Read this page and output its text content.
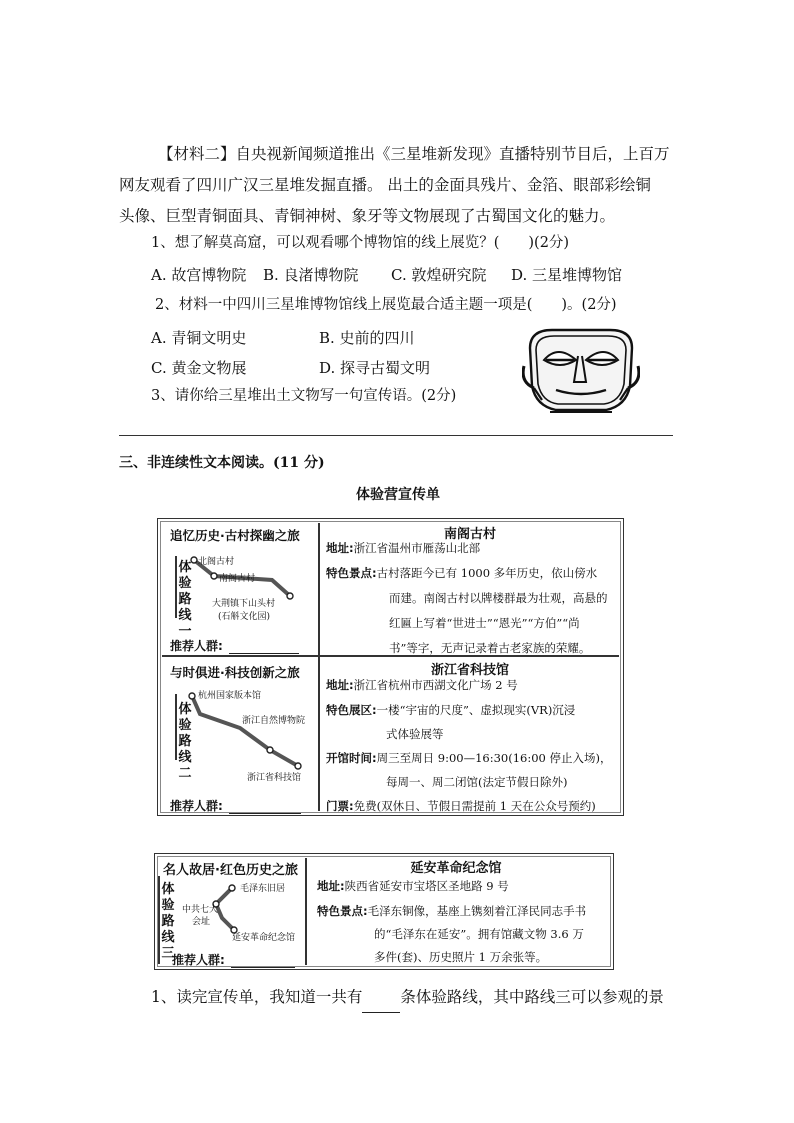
【材料二】自央视新闻频道推出《三星堆新发现》直播特别节目后，上百万
网友观看了四川广汉三星堆发掘直播。 出土的金面具残片、金箔、眼部彩绘铜
头像、巨型青铜面具、青铜神树、象牙等文物展现了古蜀国文化的魅力。
1、想了解莫高窟，可以观看哪个博物馆的线上展览？(　　)(2分)
A. 故宫博物院 B. 良渚博物院 C. 敦煌研究院 D. 三星堆博物馆
2、材料一中四川三星堆博物馆线上展览最合适主题一项是(　　)。(2分)
A. 青铜文明史	B. 史前的四川
C. 黄金文物展	D. 探寻古蜀文明
3、请你给三星堆出土文物写一句宣传语。(2分)
三、非连续性文本阅读。(11 分)
体验营宣传单
追忆历史·古村探幽之旅
体
验
路
线
一
北阁古村
南阁古村
大荆镇下山头村
(石斛文化园)
推荐人群:
南阁古村
地址:浙江省温州市雁荡山北部
特色景点:古村落距今已有 1000 多年历史，依山傍水
而建。南阁古村以牌楼群最为壮观，高悬的
红匾上写着“世进士”“恩光”“方伯”“尚
书”等字，无声记录着古老家族的荣耀。
与时俱进·科技创新之旅
体
验
路
线
二
杭州国家版本馆
浙江自然博物院
浙江省科技馆
推荐人群:
浙江省科技馆
地址:浙江省杭州市西湖文化广场 2 号
特色展区:一楼“宇宙的尺度”、虚拟现实(VR)沉浸
式体验展等
开馆时间:周三至周日 9:00—16:30(16:00 停止入场)，
每周一、周二闭馆(法定节假日除外)
门票:免费(双休日、节假日需提前 1 天在公众号预约)
名人故居·红色历史之旅
体
验
路
线
三
毛泽东旧居
中共七大
会址
延安革命纪念馆
推荐人群:
延安革命纪念馆
地址:陕西省延安市宝塔区圣地路 9 号
特色景点:毛泽东铜像，基座上镌刻着江泽民同志手书
的“毛泽东在延安”。拥有馆藏文物 3.6 万
多件(套)、历史照片 1 万余张等。
1、读完宣传单，我知道一共有 条体验路线，其中路线三可以参观的景
